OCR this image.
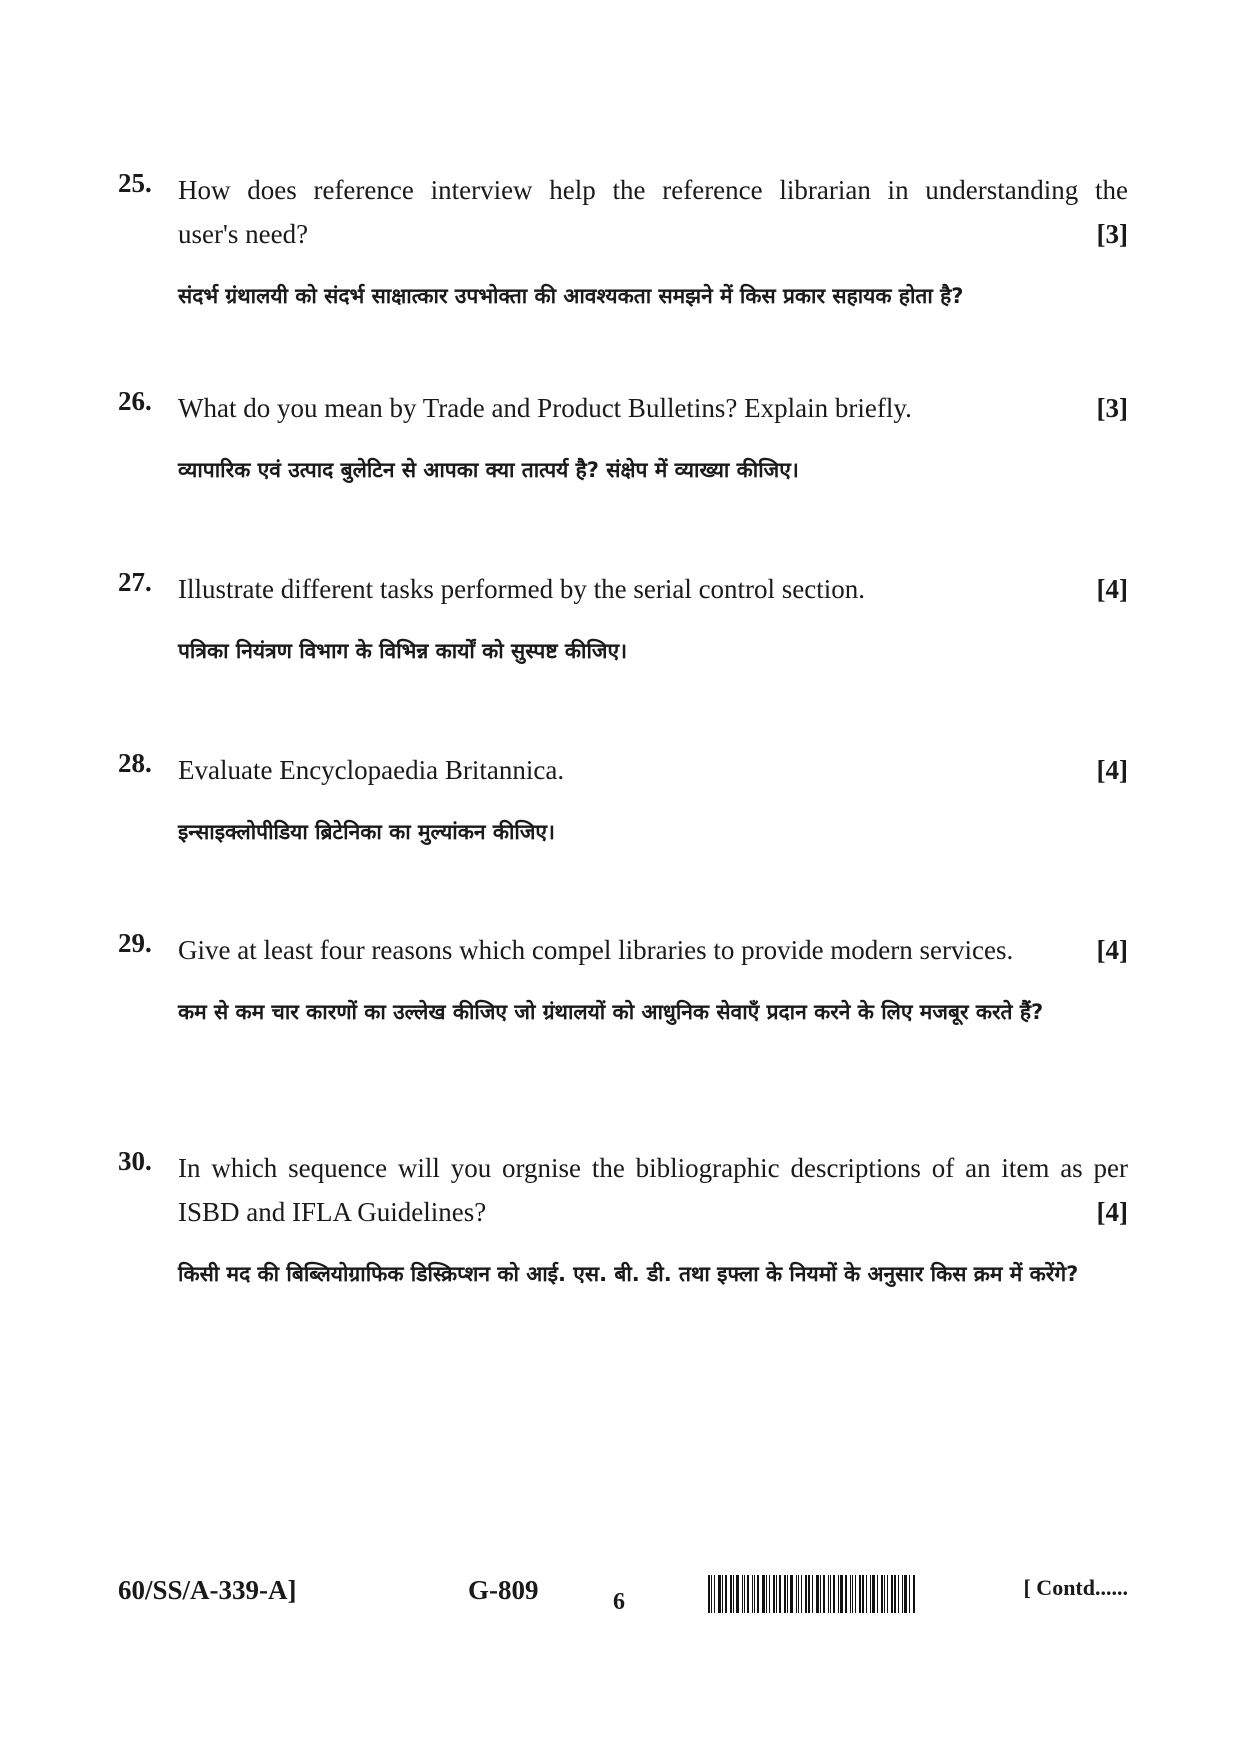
25. How does reference interview help the reference librarian in understanding the
user's need?	[3]
संदर्भ ग्रंथालयी को संदर्भ साक्षात्कार उपभोक्ता की आवश्यकता समझने में किस प्रकार सहायक होता है?
26. What do you mean by Trade and Product Bulletins? Explain briefly.	[3]
व्यापारिक एवं उत्पाद बुलेटिन से आपका क्या तात्पर्य है? संक्षेप में व्याख्या कीजिए।
27. Illustrate different tasks performed by the serial control section.	[4]
पत्रिका नियंत्रण विभाग के विभिन्न कार्यों को सुस्पष्ट कीजिए।
28. Evaluate Encyclopaedia Britannica.	[4]
इन्साइक्लोपीडिया ब्रिटेनिका का मुल्यांकन कीजिए।
29. Give at least four reasons which compel libraries to provide modern services.	[4]
कम से कम चार कारणों का उल्लेख कीजिए जो ग्रंथालयों को आधुनिक सेवाएँ प्रदान करने के लिए मजबूर करते हैं?
30. In which sequence will you orgnise the bibliographic descriptions of an item as per
ISBD and IFLA Guidelines?	[4]
किसी मद की बिब्लियोग्राफिक डिस्क्रिप्शन को आई. एस. बी. डी. तथा इफ्ला के नियमों के अनुसार किस क्रम में करेंगे?
60/SS/A-339-A]	G-809	6
[ Contd......
